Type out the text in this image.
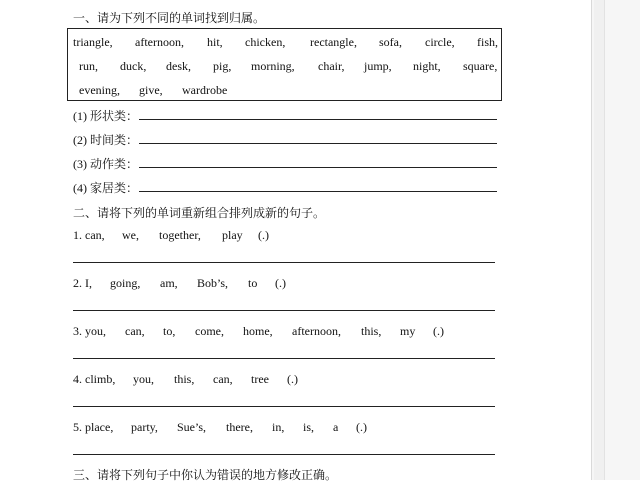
一、请为下列不同的单词找到归属。
triangle, afternoon, hit, chicken, rectangle, sofa, circle, fish,
run, duck, desk, pig, morning, chair, jump, night, square,
evening, give, wardrobe
(1) 形状类：
(2) 时间类：
(3) 动作类：
(4) 家居类：
二、请将下列的单词重新组合排列成新的句子。
1. can, we, together, play (.)
2. I, going, am, Bob’s, to (.)
3. you, can, to, come, home, afternoon, this, my (.)
4. climb, you, this, can, tree (.)
5. place, party, Sue’s, there, in, is, a (.)
三、请将下列句子中你认为错误的地方修改正确。
